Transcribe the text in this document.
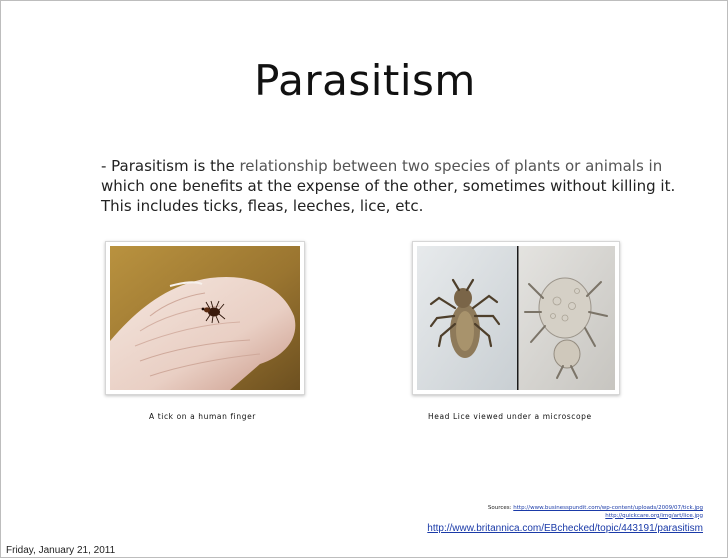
Parasitism
- Parasitism is the relationship between two species of plants or animals in
which one benefits at the expense of the other, sometimes without killing it.
This includes ticks, fleas, leeches, lice, etc.
A tick on a human finger	Head Lice viewed under a microscope
Sources: http://www.businesspundit.com/wp-content/uploads/2009/07/tick.jpg
http://quickcare.org/img/art/lice.jpg
http://www.britannica.com/EBchecked/topic/443191/parasitism
Friday, January 21, 2011
